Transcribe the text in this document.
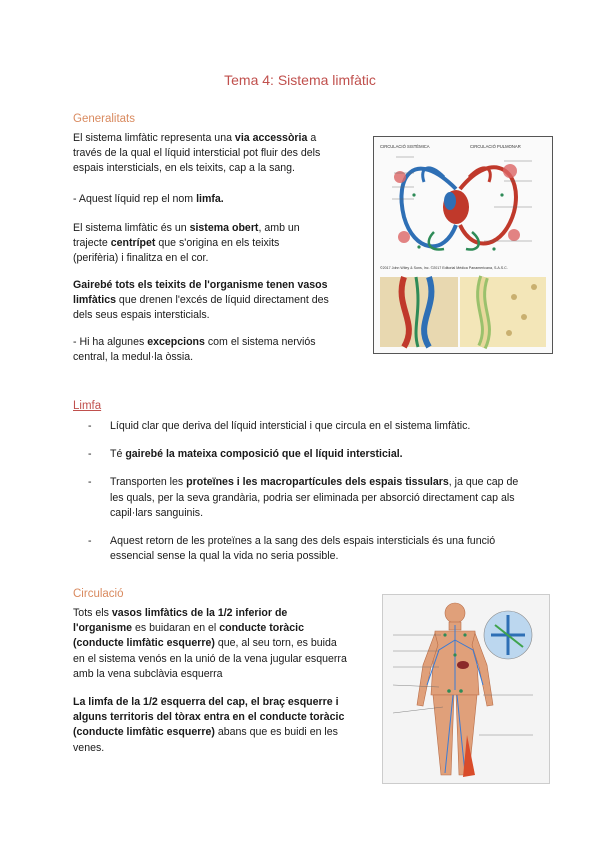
Tema 4: Sistema limfàtic
Generalitats

El sistema limfàtic representa una via accessòria a través de la qual el líquid intersticial pot fluir des dels espais intersticials, en els teixits, cap a la sang.

- Aquest líquid rep el nom limfa.

El sistema limfàtic és un sistema obert, amb un trajecte centrípet que s'origina en els teixits (perifèria) i finalitza en el cor.

Gairebé tots els teixits de l'organisme tenen vasos limfàtics que drenen l'excés de líquid directament des dels seus espais intersticials.

- Hi ha algunes excepcions com el sistema nerviós central, la medul·la òssia.

CIRCULACIÓ SISTÈMICA	CIRCULACIÓ PULMONAR
©2017 John Wiley & Sons, Inc. ©2017 Editorial Médica Panamericana, S.A.S.C.
Limfa
- Líquid clar que deriva del líquid intersticial i que circula en el sistema limfàtic.
- Té gairebé la mateixa composició que el líquid intersticial.
- Transporten les proteïnes i les macropartícules dels espais tissulars, ja que cap de les quals, per la seva grandària, podria ser eliminada per absorció directament cap als capil·lars sanguinis.
- Aquest retorn de les proteïnes a la sang des dels espais intersticials és una funció essencial sense la qual la vida no seria possible.
Circulació

Tots els vasos limfàtics de la 1/2 inferior de l'organisme es buidaran en el conducte toràcic (conducte limfàtic esquerre) que, al seu torn, es buida en el sistema venós en la unió de la vena jugular esquerra amb la vena subclàvia esquerra

La limfa de la 1/2 esquerra del cap, el braç esquerre i alguns territoris del tòrax entra en el conducte toràcic (conducte limfàtic esquerre) abans que es buidi en les venes.
